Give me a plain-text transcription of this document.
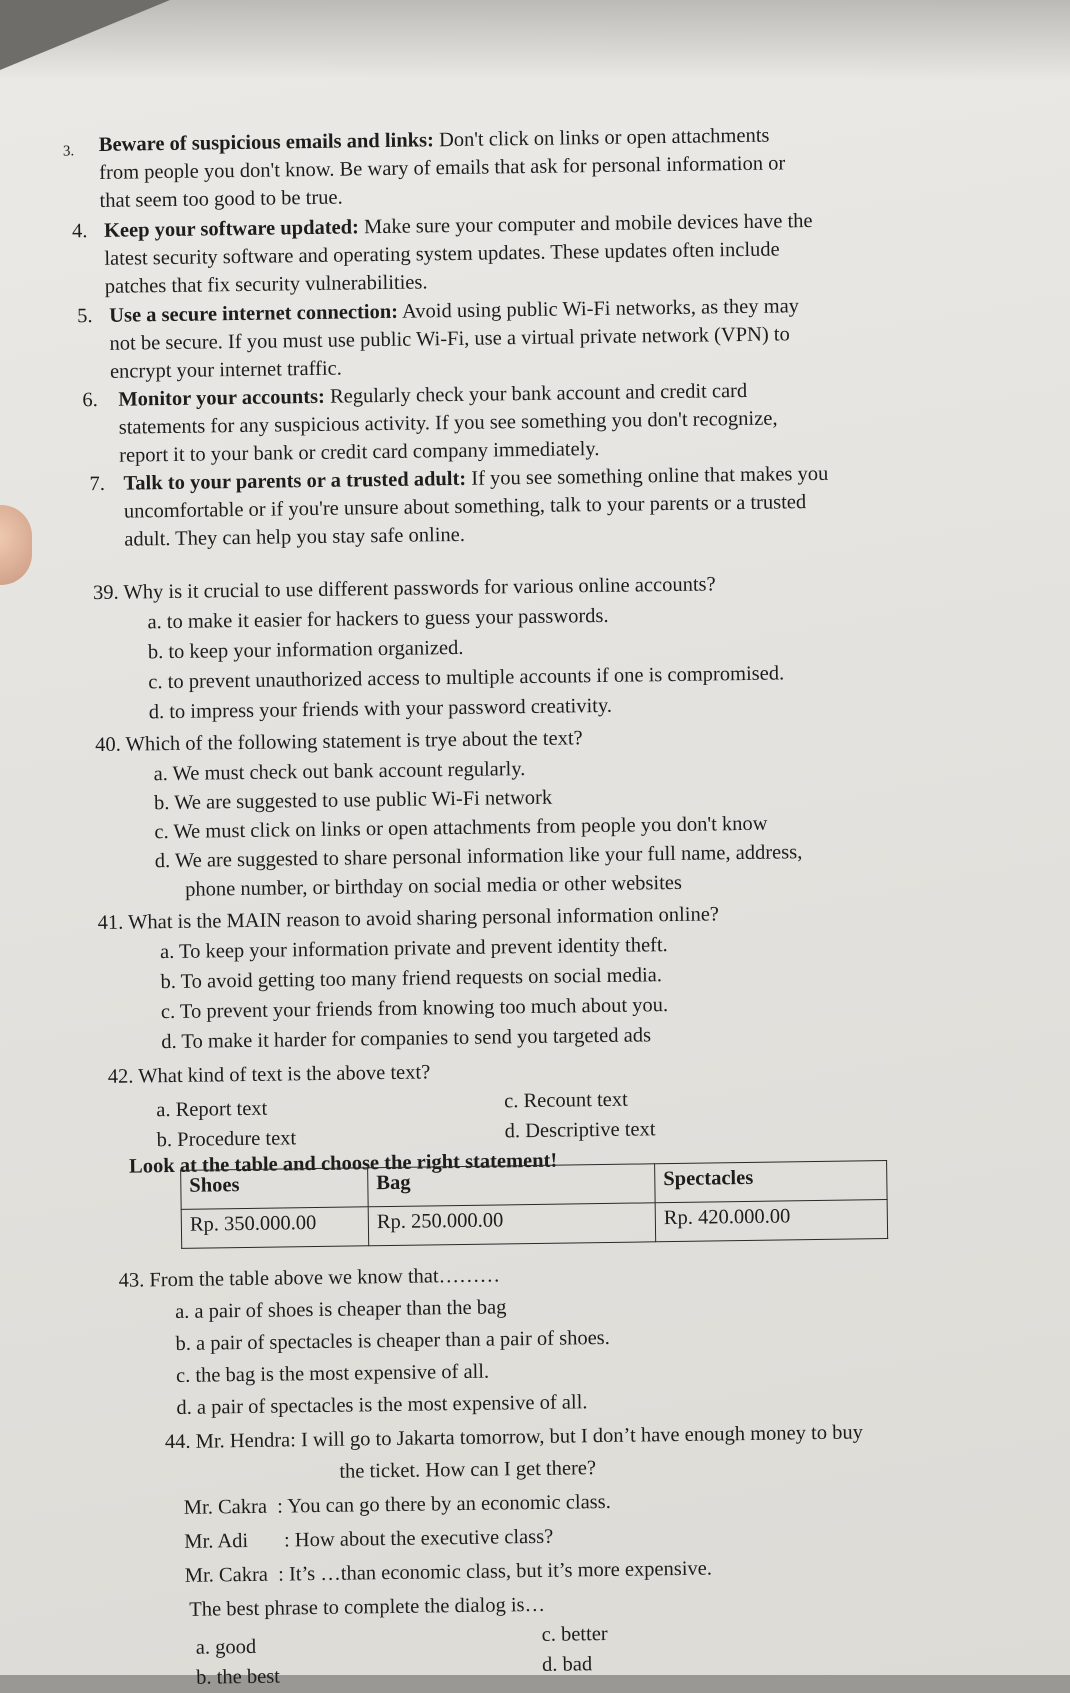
3. Beware of suspicious emails and links: Don't click on links or open attachments
from people you don't know. Be wary of emails that ask for personal information or
that seem too good to be true.
4. Keep your software updated: Make sure your computer and mobile devices have the
latest security software and operating system updates. These updates often include
patches that fix security vulnerabilities.
5. Use a secure internet connection: Avoid using public Wi-Fi networks, as they may
not be secure. If you must use public Wi-Fi, use a virtual private network (VPN) to
encrypt your internet traffic.
6. Monitor your accounts: Regularly check your bank account and credit card
statements for any suspicious activity. If you see something you don't recognize,
report it to your bank or credit card company immediately.
7. Talk to your parents or a trusted adult: If you see something online that makes you
uncomfortable or if you're unsure about something, talk to your parents or a trusted
adult. They can help you stay safe online.
39. Why is it crucial to use different passwords for various online accounts?
a. to make it easier for hackers to guess your passwords.
b. to keep your information organized.
c. to prevent unauthorized access to multiple accounts if one is compromised.
d. to impress your friends with your password creativity.
40. Which of the following statement is trye about the text?
a. We must check out bank account regularly.
b. We are suggested to use public Wi-Fi network
c. We must click on links or open attachments from people you don't know
d. We are suggested to share personal information like your full name, address,
phone number, or birthday on social media or other websites
41. What is the MAIN reason to avoid sharing personal information online?
a. To keep your information private and prevent identity theft.
b. To avoid getting too many friend requests on social media.
c. To prevent your friends from knowing too much about you.
d. To make it harder for companies to send you targeted ads
42. What kind of text is the above text?
a. Report text
b. Procedure text
c. Recount text
d. Descriptive text
Look at the table and choose the right statement!
Shoes	Bag	Spectacles
Rp. 350.000.00	Rp. 250.000.00	Rp. 420.000.00
43. From the table above we know that………
a. a pair of shoes is cheaper than the bag
b. a pair of spectacles is cheaper than a pair of shoes.
c. the bag is the most expensive of all.
d. a pair of spectacles is the most expensive of all.
44. Mr. Hendra: I will go to Jakarta tomorrow, but I don’t have enough money to buy
the ticket. How can I get there?
Mr. Cakra  : You can go there by an economic class.
Mr. Adi       : How about the executive class?
Mr. Cakra  : It’s …than economic class, but it’s more expensive.
The best phrase to complete the dialog is…
a. good
b. the best
c. better
d. bad
